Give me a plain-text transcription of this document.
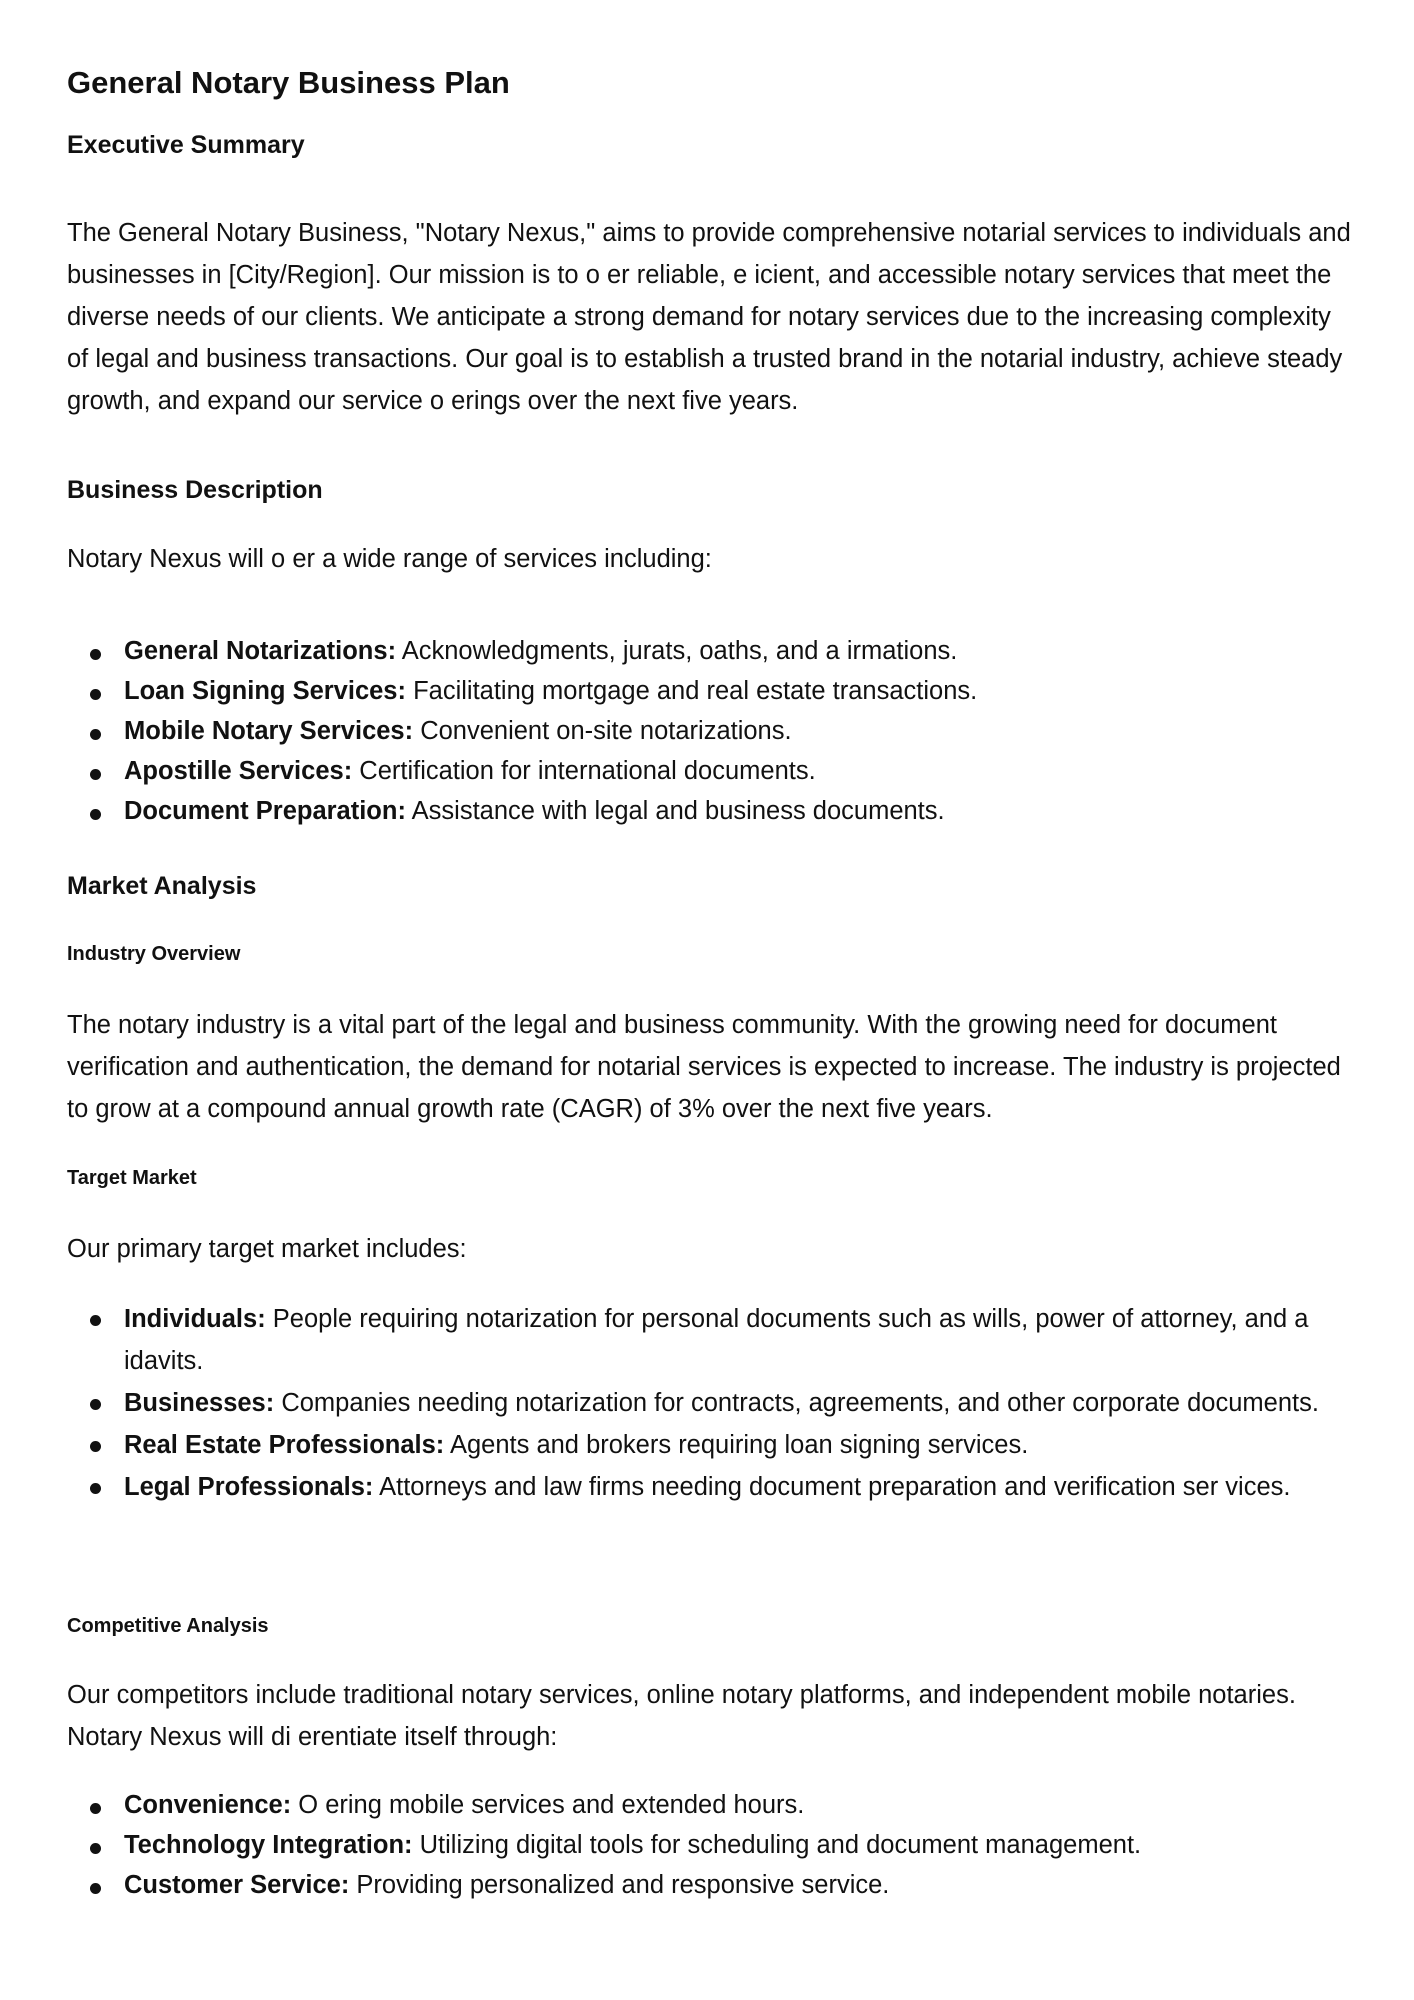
General Notary Business Plan
Executive Summary

The General Notary Business, "Notary Nexus," aims to provide comprehensive notarial services to individuals and businesses in [City/Region]. Our mission is to o er reliable, e icient, and accessible notary services that meet the diverse needs of our clients. We anticipate a strong demand for notary services due to the increasing complexity of legal and business transactions. Our goal is to establish a trusted brand in the notarial industry, achieve steady growth, and expand our service o erings over the next five years.

Business Description

Notary Nexus will o er a wide range of services including:

General Notarizations: Acknowledgments, jurats, oaths, and a irmations.
Loan Signing Services: Facilitating mortgage and real estate transactions.
Mobile Notary Services: Convenient on-site notarizations.
Apostille Services: Certification for international documents.
Document Preparation: Assistance with legal and business documents.
Market Analysis
Industry Overview

The notary industry is a vital part of the legal and business community. With the growing need for document verification and authentication, the demand for notarial services is expected to increase. The industry is projected to grow at a compound annual growth rate (CAGR) of 3% over the next five years.

Target Market

Our primary target market includes:

Individuals: People requiring notarization for personal documents such as wills, power of attorney, and a idavits.
Businesses: Companies needing notarization for contracts, agreements, and other corporate documents.
Real Estate Professionals: Agents and brokers requiring loan signing services.
Legal Professionals: Attorneys and law firms needing document preparation and verification ser vices.
Competitive Analysis

Our competitors include traditional notary services, online notary platforms, and independent mobile notaries. Notary Nexus will di erentiate itself through:

Convenience: O ering mobile services and extended hours.
Technology Integration: Utilizing digital tools for scheduling and document management.
Customer Service: Providing personalized and responsive service.
